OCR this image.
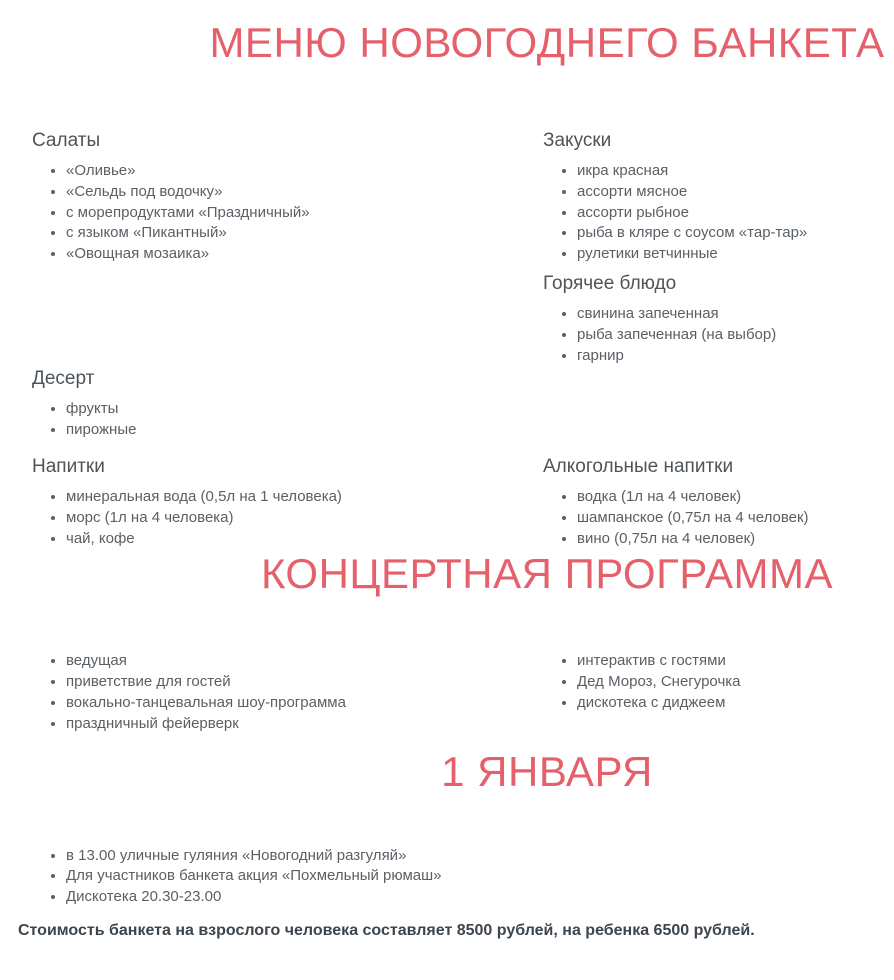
МЕНЮ НОВОГОДНЕГО БАНКЕТА
Салаты
• «Оливье»
• «Сельдь под водочку»
• с морепродуктами «Праздничный»
• с языком «Пикантный»
• «Овощная мозаика»
Закуски
• икра красная
• ассорти мясное
• ассорти рыбное
• рыба в кляре с соусом «тар-тар»
• рулетики ветчинные
Горячее блюдо
• свинина запеченная
• рыба запеченная (на выбор)
• гарнир
Десерт
• фрукты
• пирожные
Напитки
• минеральная вода (0,5л на 1 человека)
• морс (1л на 4 человека)
• чай, кофе
Алкогольные напитки
• водка (1л на 4 человек)
• шампанское (0,75л на 4 человек)
• вино (0,75л на 4 человек)
КОНЦЕРТНАЯ ПРОГРАММА
• ведущая
• приветствие для гостей
• вокально-танцевальная шоу-программа
• праздничный фейерверк
• интерактив с гостями
• Дед Мороз, Снегурочка
• дискотека с диджеем
1 ЯНВАРЯ
• в 13.00 уличные гуляния «Новогодний разгуляй»
• Для участников банкета акция «Похмельный рюмаш»
• Дискотека 20.30-23.00

Стоимость банкета на взрослого человека составляет 8500 рублей, на ребенка 6500 рублей.
